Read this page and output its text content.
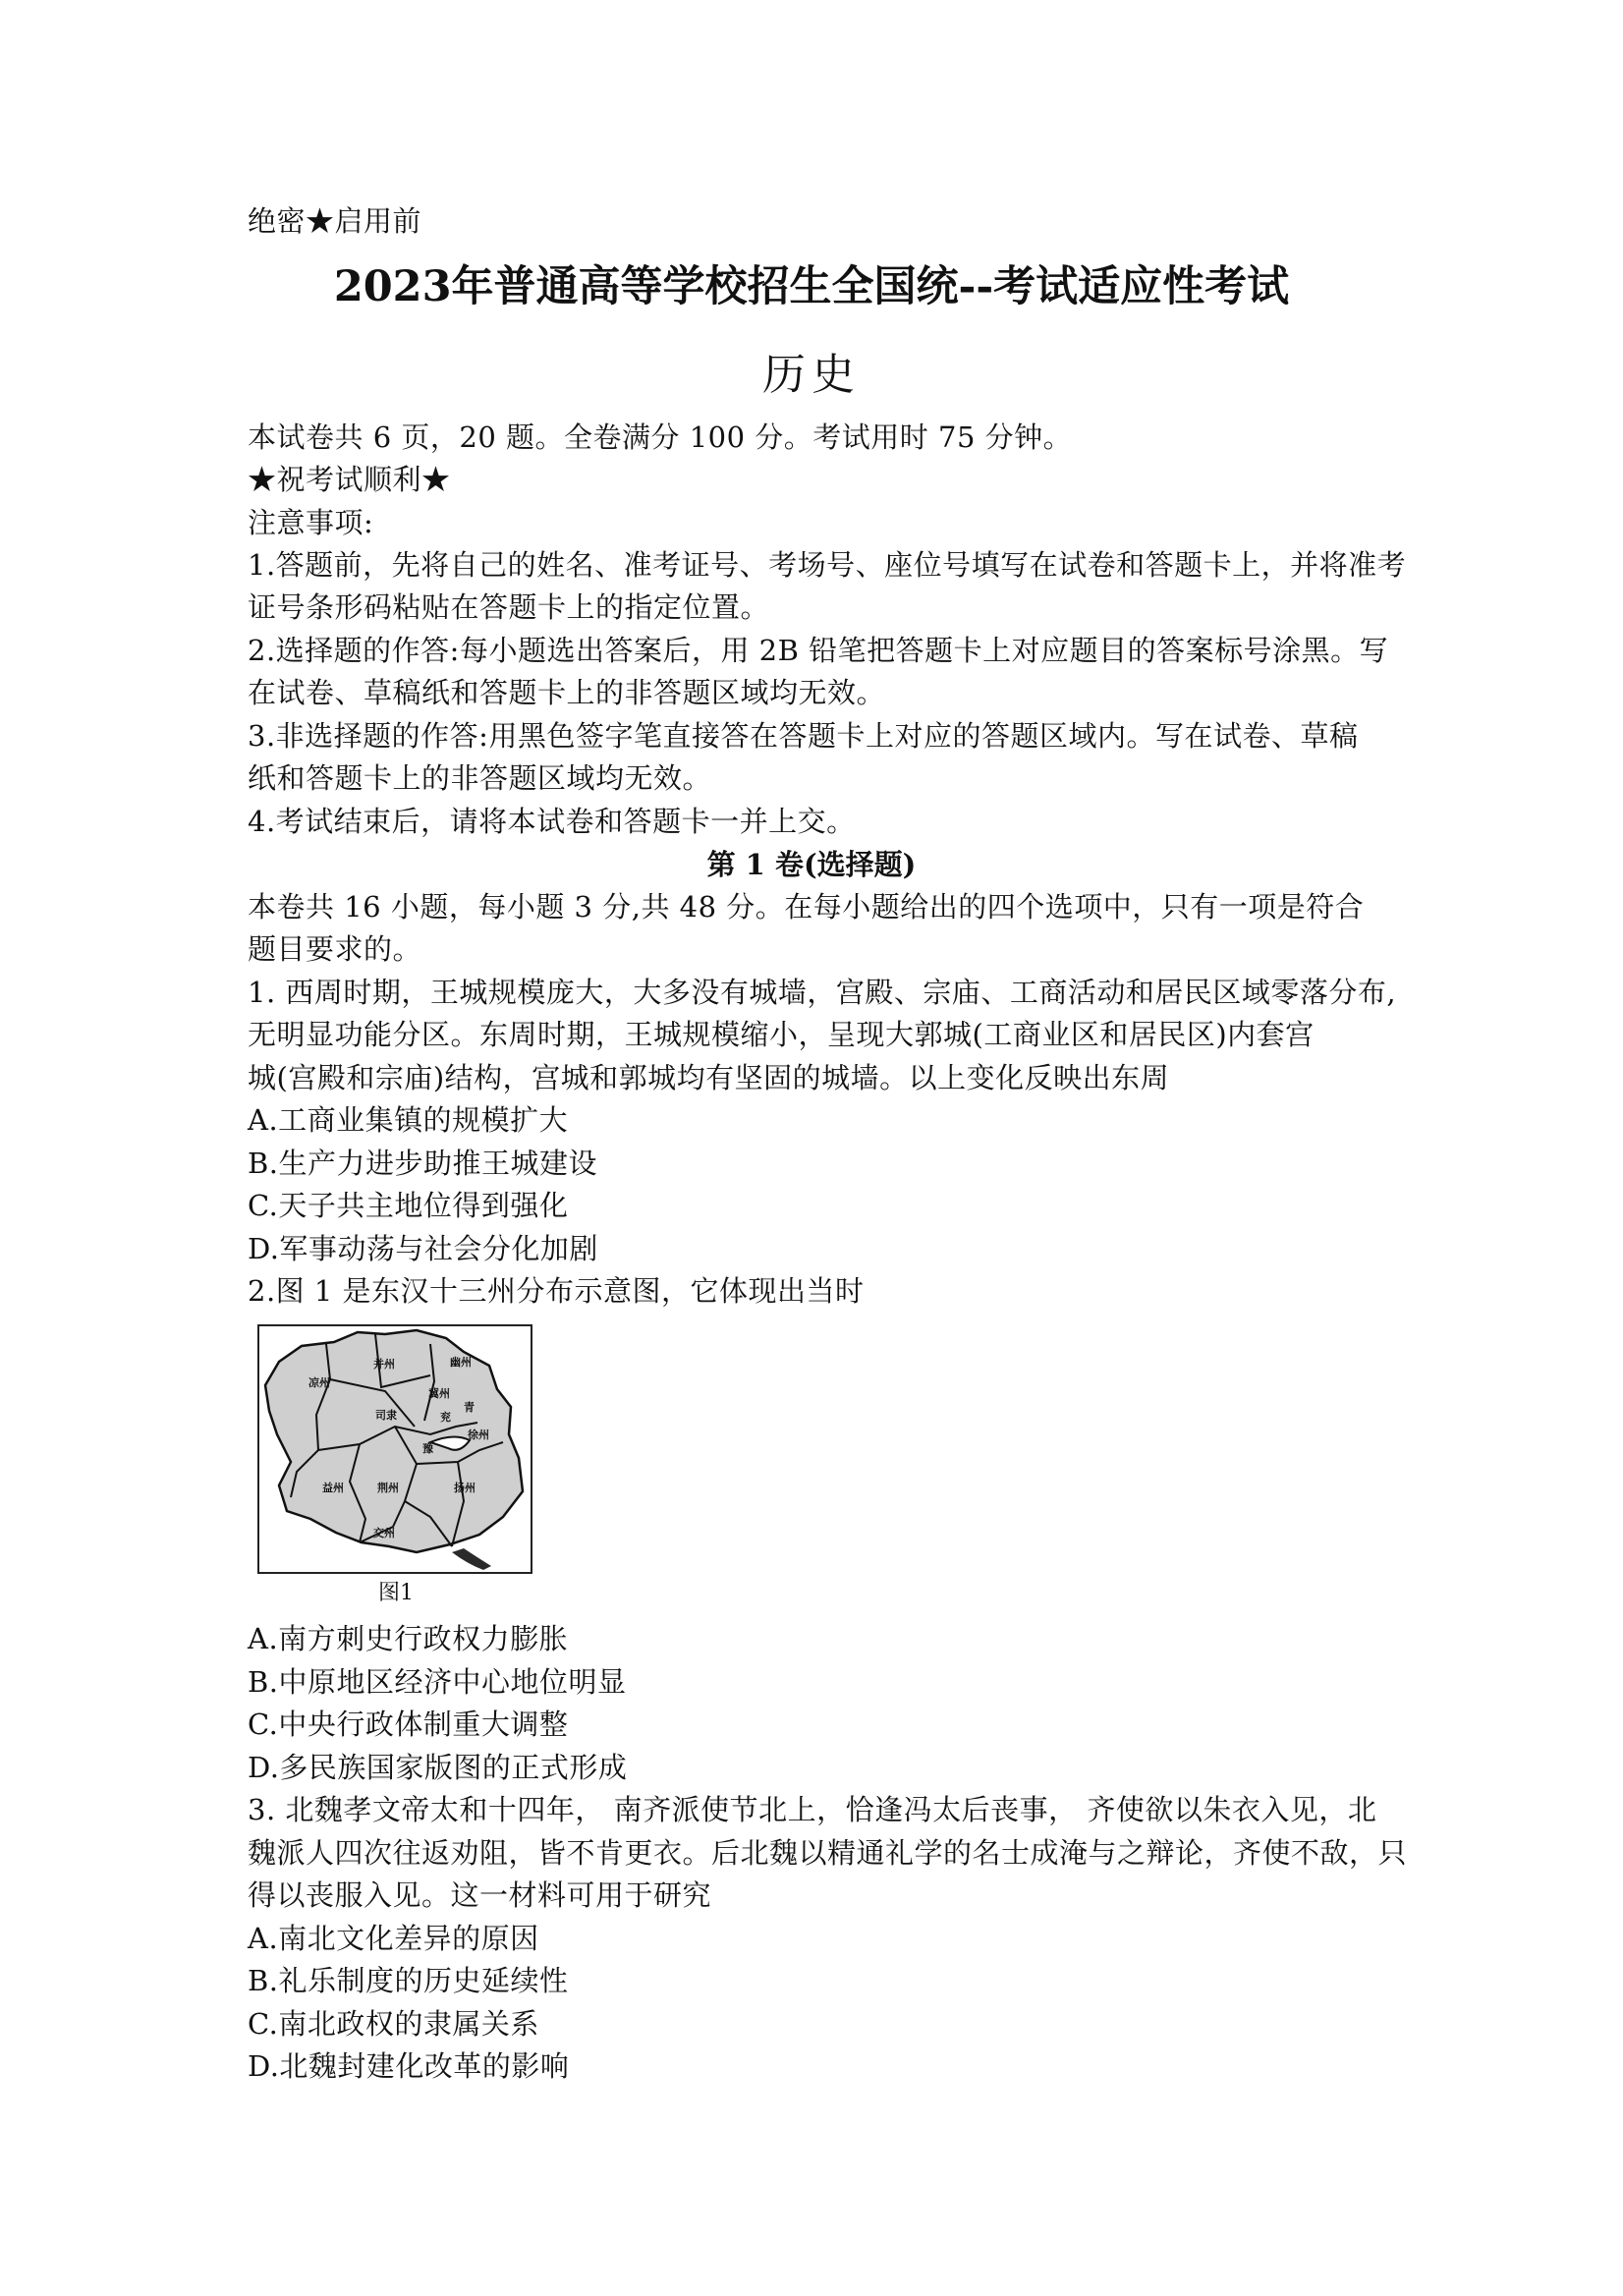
绝密★启用前
2023年普通高等学校招生全国统--考试适应性考试
历史
本试卷共 6 页，20 题。全卷满分 100 分。考试用时 75 分钟。
★祝考试顺利★
注意事项:
1.答题前，先将自己的姓名、准考证号、考场号、座位号填写在试卷和答题卡上，并将准考
证号条形码粘贴在答题卡上的指定位置。
2.选择题的作答:每小题选出答案后，用 2B 铅笔把答题卡上对应题目的答案标号涂黑。写
在试卷、草稿纸和答题卡上的非答题区域均无效。
3.非选择题的作答:用黑色签字笔直接答在答题卡上对应的答题区域内。写在试卷、草稿
纸和答题卡上的非答题区域均无效。
4.考试结束后，请将本试卷和答题卡一并上交。
第 1 卷(选择题)
本卷共 16 小题，每小题 3 分,共 48 分。在每小题给出的四个选项中，只有一项是符合
题目要求的。
1. 西周时期，王城规模庞大，大多没有城墙，宫殿、宗庙、工商活动和居民区域零落分布,
无明显功能分区。东周时期，王城规模缩小，呈现大郭城(工商业区和居民区)内套宫
城(宫殿和宗庙)结构，宫城和郭城均有坚固的城墙。以上变化反映出东周
A.工商业集镇的规模扩大
B.生产力进步助推王城建设
C.天子共主地位得到强化
D.军事动荡与社会分化加剧
2.图 1 是东汉十三州分布示意图，它体现出当时
凉州
并州	幽州
冀州
司隶	兖
青
徐州
豫
益州	荆州	扬州
交州
图1
A.南方刺史行政权力膨胀
B.中原地区经济中心地位明显
C.中央行政体制重大调整
D.多民族国家版图的正式形成
3. 北魏孝文帝太和十四年， 南齐派使节北上，恰逢冯太后丧事， 齐使欲以朱衣入见，北
魏派人四次往返劝阻，皆不肯更衣。后北魏以精通礼学的名士成淹与之辩论，齐使不敌，只
得以丧服入见。这一材料可用于研究
A.南北文化差异的原因
B.礼乐制度的历史延续性
C.南北政权的隶属关系
D.北魏封建化改革的影响
